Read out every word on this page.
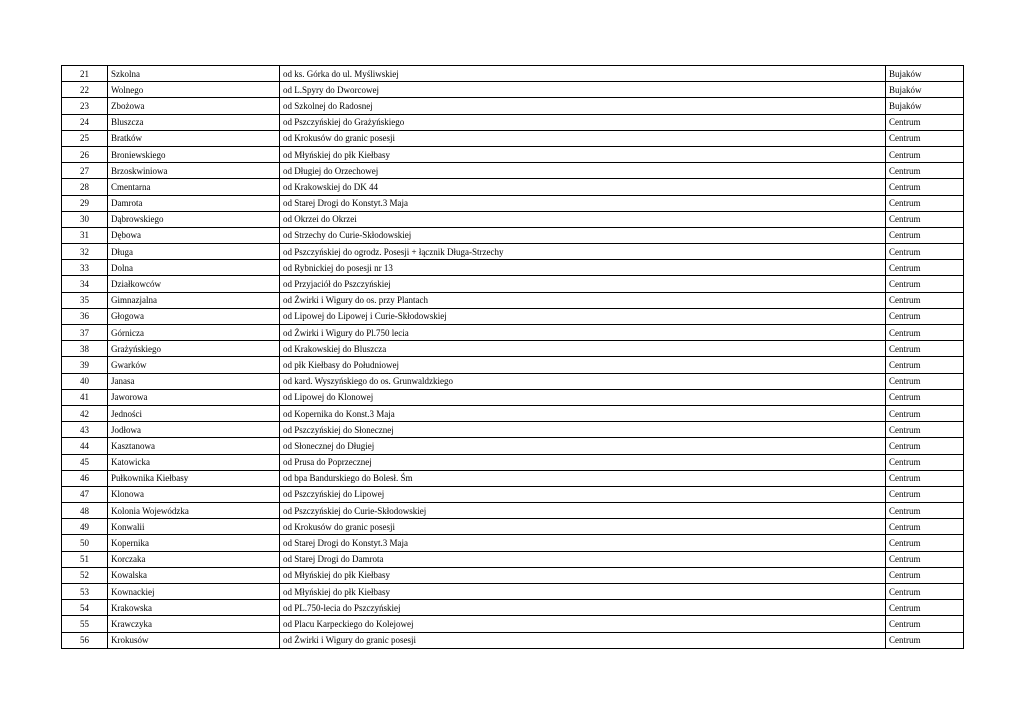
21	Szkolna	od ks. Górka do ul. Myśliwskiej	Bujaków
22	Wolnego	od L.Spyry do Dworcowej	Bujaków
23	Zbożowa	od Szkolnej do Radosnej	Bujaków
24	Bluszcza	od Pszczyńskiej do Grażyńskiego	Centrum
25	Bratków	od Krokusów do granic posesji	Centrum
26	Broniewskiego	od Młyńskiej do płk Kiełbasy	Centrum
27	Brzoskwiniowa	od Długiej do Orzechowej	Centrum
28	Cmentarna	od Krakowskiej do DK 44	Centrum
29	Damrota	od Starej Drogi do Konstyt.3 Maja	Centrum
30	Dąbrowskiego	od Okrzei do Okrzei	Centrum
31	Dębowa	od Strzechy do Curie-Skłodowskiej	Centrum
32	Długa	od Pszczyńskiej do ogrodz. Posesji + łącznik Długa-Strzechy	Centrum
33	Dolna	od Rybnickiej do posesji nr 13	Centrum
34	Działkowców	od Przyjaciół do Pszczyńskiej	Centrum
35	Gimnazjalna	od Żwirki i Wigury do os. przy Plantach	Centrum
36	Głogowa	od Lipowej do Lipowej i Curie-Skłodowskiej	Centrum
37	Górnicza	od Żwirki i Wigury do Pl.750 lecia	Centrum
38	Grażyńskiego	od Krakowskiej do Bluszcza	Centrum
39	Gwarków	od płk Kiełbasy do Południowej	Centrum
40	Janasa	od kard. Wyszyńskiego do os. Grunwaldzkiego	Centrum
41	Jaworowa	od Lipowej do Klonowej	Centrum
42	Jedności	od Kopernika do Konst.3 Maja	Centrum
43	Jodłowa	od Pszczyńskiej do Słonecznej	Centrum
44	Kasztanowa	od Słonecznej do Długiej	Centrum
45	Katowicka	od Prusa do Poprzecznej	Centrum
46	Pułkownika Kiełbasy	od bpa Bandurskiego do Bolesł. Śm	Centrum
47	Klonowa	od Pszczyńskiej do Lipowej	Centrum
48	Kolonia Wojewódzka	od Pszczyńskiej do Curie-Skłodowskiej	Centrum
49	Konwalii	od Krokusów do granic posesji	Centrum
50	Kopernika	od Starej Drogi do Konstyt.3 Maja	Centrum
51	Korczaka	od Starej Drogi do Damrota	Centrum
52	Kowalska	od Młyńskiej do płk Kiełbasy	Centrum
53	Kownackiej	od Młyńskiej do płk Kiełbasy	Centrum
54	Krakowska	od PL.750-lecia do Pszczyńskiej	Centrum
55	Krawczyka	od Placu Karpeckiego do Kolejowej	Centrum
56	Krokusów	od Żwirki i Wigury do granic posesji	Centrum
